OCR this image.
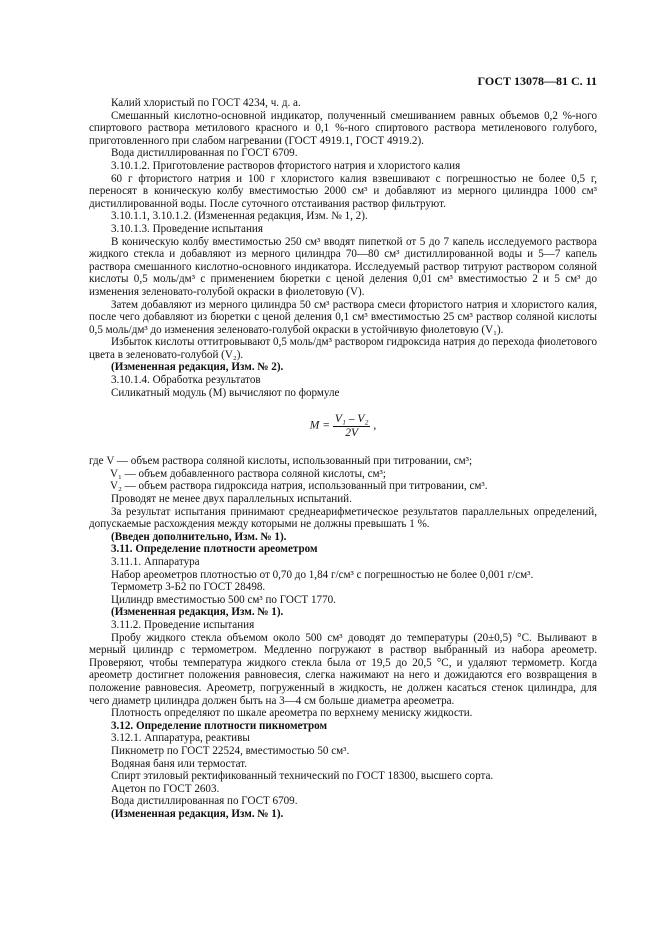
ГОСТ 13078—81 С. 11

Калий хлористый по ГОСТ 4234, ч. д. а.

Смешанный кислотно-основной индикатор, полученный смешиванием равных объемов 0,2 %-ного спиртового раствора метилового красного и 0,1 %-ного спиртового раствора метиленового голубого, приготовленного при слабом нагревании (ГОСТ 4919.1, ГОСТ 4919.2).

Вода дистиллированная по ГОСТ 6709.

3.10.1.2. Приготовление растворов фтористого натрия и хлористого калия

60 г фтористого натрия и 100 г хлористого калия взвешивают с погрешностью не более 0,5 г, переносят в коническую колбу вместимостью 2000 см³ и добавляют из мерного цилиндра 1000 см³ дистиллированной воды. После суточного отстаивания раствор фильтруют.

3.10.1.1, 3.10.1.2. (Измененная редакция, Изм. № 1, 2).

3.10.1.3. Проведение испытания

В коническую колбу вместимостью 250 см³ вводят пипеткой от 5 до 7 капель исследуемого раствора жидкого стекла и добавляют из мерного цилиндра 70—80 см³ дистиллированной воды и 5—7 капель раствора смешанного кислотно-основного индикатора. Исследуемый раствор титруют раствором соляной кислоты 0,5 моль/дм³ с применением бюретки с ценой деления 0,01 см³ вместимостью 2 и 5 см³ до изменения зеленовато-голубой окраски в фиолетовую (V).

Затем добавляют из мерного цилиндра 50 см³ раствора смеси фтористого натрия и хлористого калия, после чего добавляют из бюретки с ценой деления 0,1 см³ вместимостью 25 см³ раствор соляной кислоты 0,5 моль/дм³ до изменения зеленовато-голубой окраски в устойчивую фиолетовую (V₁).

Избыток кислоты оттитровывают 0,5 моль/дм³ раствором гидроксида натрия до перехода фиолетового цвета в зеленовато-голубой (V₂).

(Измененная редакция, Изм. № 2).

3.10.1.4. Обработка результатов

Силикатный модуль (M) вычисляют по формуле

$M = \frac{\text{V₁ – V₂}}{2V}$ ,

где V — объем раствора соляной кислоты, использованный при титровании, см³;

V₁ — объем добавленного раствора соляной кислоты, см³;

V₂ — объем раствора гидроксида натрия, использованный при титровании, см³.

Проводят не менее двух параллельных испытаний.

За результат испытания принимают среднеарифметическое результатов параллельных определений, допускаемые расхождения между которыми не должны превышать 1 %.

(Введен дополнительно, Изм. № 1).

3.11. Определение плотности ареометром

3.11.1. Аппаратура

Набор ареометров плотностью от 0,70 до 1,84 г/см³ с погрешностью не более 0,001 г/см³.

Термометр 3-Б2 по ГОСТ 28498.

Цилиндр вместимостью 500 см³ по ГОСТ 1770.

(Измененная редакция, Изм. № 1).

3.11.2. Проведение испытания

Пробу жидкого стекла объемом около 500 см³ доводят до температуры (20±0,5) °С. Выливают в мерный цилиндр с термометром. Медленно погружают в раствор выбранный из набора ареометр. Проверяют, чтобы температура жидкого стекла была от 19,5 до 20,5 °С, и удаляют термометр. Когда ареометр достигнет положения равновесия, слегка нажимают на него и дожидаются его возвращения в положение равновесия. Ареометр, погруженный в жидкость, не должен касаться стенок цилиндра, для чего диаметр цилиндра должен быть на 3—4 см больше диаметра ареометра.

Плотность определяют по шкале ареометра по верхнему мениску жидкости.

3.12. Определение плотности пикнометром

3.12.1. Аппаратура, реактивы

Пикнометр по ГОСТ 22524, вместимостью 50 см³.

Водяная баня или термостат.

Спирт этиловый ректификованный технический по ГОСТ 18300, высшего сорта.

Ацетон по ГОСТ 2603.

Вода дистиллированная по ГОСТ 6709.

(Измененная редакция, Изм. № 1).
